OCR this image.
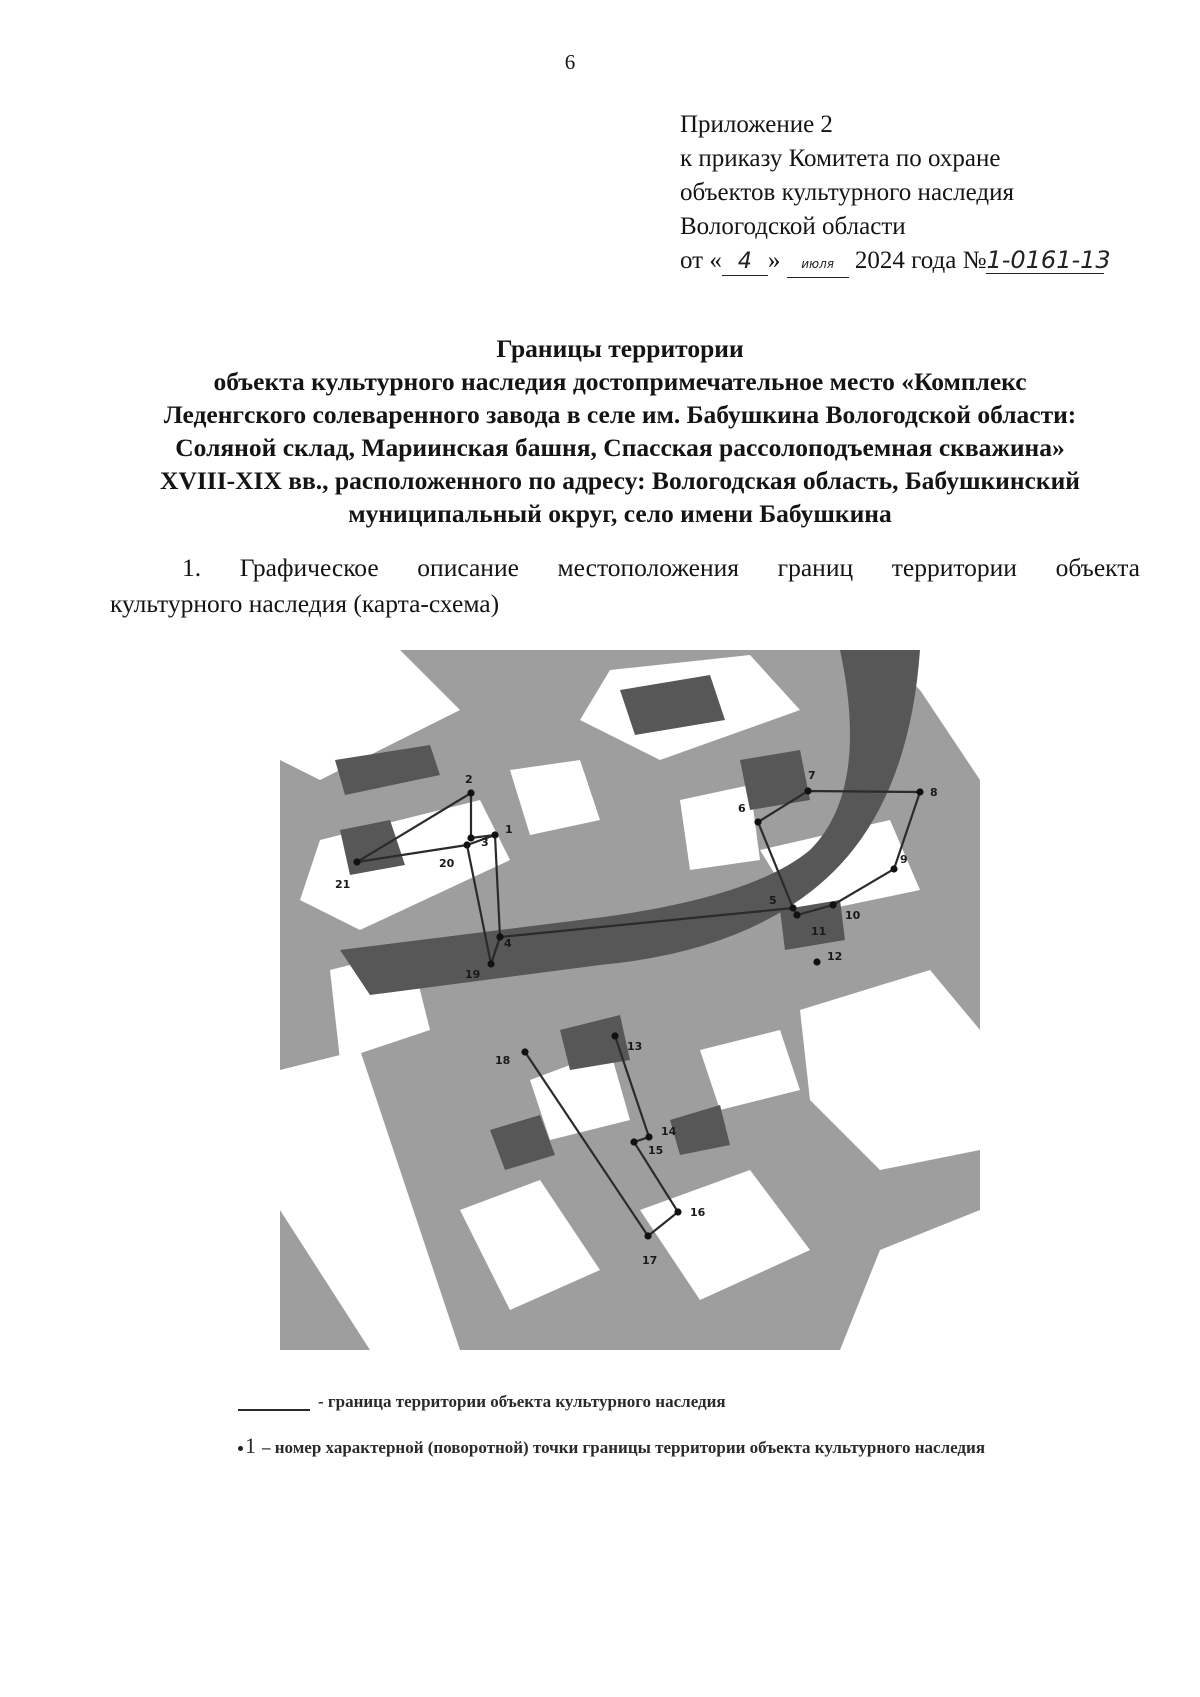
6
Приложение 2
к приказу Комитета по охране
объектов культурного наследия
Вологодской области
от « 4 » июля 2024 года №1-0161-13
Границы территории
объекта культурного наследия достопримечательное место «Комплекс
Леденгского солеваренного завода в селе им. Бабушкина Вологодской области:
Соляной склад, Мариинская башня, Спасская рассолоподъемная скважина»
XVIII-XIX вв., расположенного по адресу: Вологодская область, Бабушкинский
муниципальный округ, село имени Бабушкина
1. Графическое описание местоположения границ территории объекта
культурного наследия (карта-схема)
1
2
3
4
5
6
7
8
9
10
11
12
13
14
15
16
17
18
19
20
21
- граница территории объекта культурного наследия
1 – номер характерной (поворотной) точки границы территории объекта культурного наследия
